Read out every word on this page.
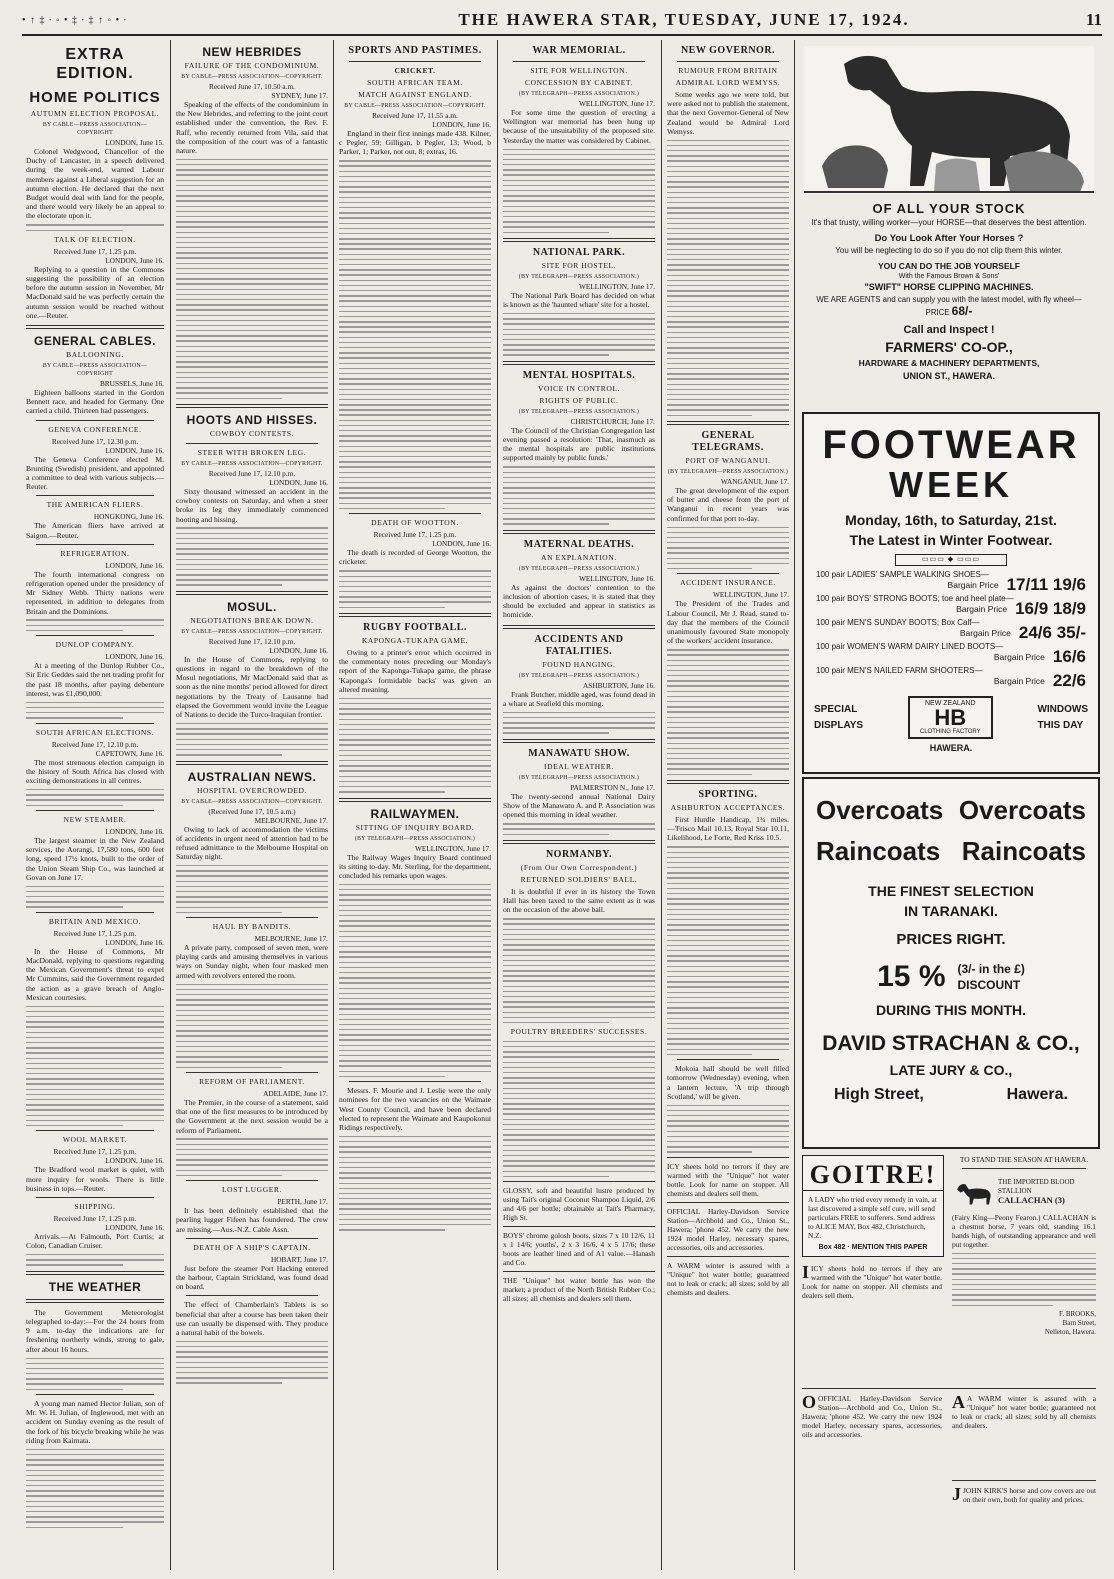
• ↑ ‡ ∙ ◦ • ‡ ∙ ‡ ↑ ◦ • ∙	THE HAWERA STAR, TUESDAY, JUNE 17, 1924.	11
EXTRA EDITION.
HOME POLITICS
AUTUMN ELECTION PROPOSAL.
BY CABLE—PRESS ASSOCIATION—COPYRIGHT
LONDON, June 15.

Colonel Wedgwood, Chancellor of the Duchy of Lancaster, in a speech delivered during the week-end, warned Labour members against a Liberal suggestion for an autumn election. He declared that the next Budget would deal with land for the people, and there would very likely be an appeal to the electorate upon it.

TALK OF ELECTION.
Received June 17, 1.25 p.m.
LONDON, June 16.

Replying to a question in the Commons suggesting the possibility of an election before the autumn session in November, Mr MacDonald said he was perfectly certain the autumn session would be reached without one.—Reuter.

GENERAL CABLES.
BALLOONING.
BY CABLE—PRESS ASSOCIATION—COPYRIGHT
BRUSSELS, June 16.

Eighteen balloons started in the Gordon Bennett race, and headed for Germany. One carried a child. Thirteen had passengers.

GENEVA CONFERENCE.
Received June 17, 12.30 p.m.
LONDON, June 16.

The Geneva Conference elected M. Brunting (Swedish) president, and appointed a committee to deal with various subjects.—Reuter.

THE AMERICAN FLIERS.
HONGKONG, June 16.

The American fliers have arrived at Saigon.—Reuter.

REFRIGERATION.
LONDON, June 16.

The fourth international congress on refrigeration opened under the presidency of Mr Sidney Webb. Thirty nations were represented, in addition to delegates from Britain and the Dominions.

DUNLOP COMPANY.
LONDON, June 16.

At a meeting of the Dunlop Rubber Co., Sir Eric Geddes said the net trading profit for the past 18 months, after paying debenture interest, was £1,090,000.

SOUTH AFRICAN ELECTIONS.
Received June 17, 12.10 p.m.
CAPETOWN, June 16.

The most strenuous election campaign in the history of South Africa has closed with exciting demonstrations in all centres.

NEW STEAMER.
LONDON, June 16.

The largest steamer in the New Zealand services, the Aorangi, 17,580 tons, 600 feet long, speed 17½ knots, built to the order of the Union Steam Ship Co., was launched at Govan on June 17.

BRITAIN AND MEXICO.
Received June 17, 1.25 p.m.
LONDON, June 16.

In the House of Commons, Mr MacDonald, replying to questions regarding the Mexican Government's threat to expel Mr Cummins, said the Government regarded the action as a grave breach of Anglo-Mexican courtesies.

WOOL MARKET.
Received June 17, 1.25 p.m.
LONDON, June 16.

The Bradford wool market is quiet, with more inquiry for wools. There is little business in tops.—Reuter.

SHIPPING.
Received June 17, 1.25 p.m.
LONDON, June 16.

Arrivals.—At Falmouth, Port Curtis; at Colon, Canadian Cruiser.

THE WEATHER

The Government Meteorologist telegraphed to-day:—For the 24 hours from 9 a.m. to-day the indications are for freshening northerly winds, strong to gale, after about 16 hours.

A young man named Hector Julian, son of Mr. W. H. Julian, of Inglewood, met with an accident on Sunday evening as the result of the fork of his bicycle breaking while he was riding from Kaimata.

NEW HEBRIDES
FAILURE OF THE CONDOMINIUM.
BY CABLE—PRESS ASSOCIATION—COPYRIGHT.
Received June 17, 10.50 a.m.
SYDNEY, June 17.

Speaking of the effects of the condominium in the New Hebrides, and referring to the joint court established under the convention, the Rev. F. Raff, who recently returned from Vila, said that the composition of the court was of a fantastic nature.

HOOTS AND HISSES.
COWBOY CONTESTS.
STEER WITH BROKEN LEG.
BY CABLE—PRESS ASSOCIATION—COPYRIGHT.
Received June 17, 12.10 p.m.
LONDON, June 16.

Sixty thousand witnessed an accident in the cowboy contests on Saturday, and when a steer broke its leg they immediately commenced hooting and hissing.

MOSUL.
NEGOTIATIONS BREAK DOWN.
BY CABLE—PRESS ASSOCIATION—COPYRIGHT.
Received June 17, 12.10 p.m.
LONDON, June 16.

In the House of Commons, replying to questions in regard to the breakdown of the Mosul negotiations, Mr MacDonald said that as soon as the nine months' period allowed for direct negotiations by the Treaty of Lausanne had elapsed the Government would invite the League of Nations to decide the Turco-Iraquian frontier.

AUSTRALIAN NEWS.
HOSPITAL OVERCROWDED.
BY CABLE—PRESS ASSOCIATION—COPYRIGHT.
(Received June 17, 10.5 a.m.)
MELBOURNE, June 17.

Owing to lack of accommodation the victims of accidents in urgent need of attention had to be refused admittance to the Melbourne Hospital on Saturday night.

HAUL BY BANDITS.
MELBOURNE, June 17.

A private party, composed of seven men, were playing cards and amusing themselves in various ways on Sunday night, when four masked men armed with revolvers entered the room.

REFORM OF PARLIAMENT.
ADELAIDE, June 17.

The Premier, in the course of a statement, said that one of the first measures to be introduced by the Government at the next session would be a reform of Parliament.

LOST LUGGER.
PERTH, June 17.

It has been definitely established that the pearling lugger Fifeen has foundered. The crew are missing.—Aus.-N.Z. Cable Assn.

DEATH OF A SHIP'S CAPTAIN.
HOBART, June 17.

Just before the steamer Port Hacking entered the harbour, Captain Strickland, was found dead on board.

The effect of Chamberlain's Tablets is so beneficial that after a course has been taken their use can usually be dispensed with. They produce a natural habit of the bowels.

SPORTS AND PASTIMES.
CRICKET.
SOUTH AFRICAN TEAM.
MATCH AGAINST ENGLAND.
BY CABLE—PRESS ASSOCIATION—COPYRIGHT.
Received June 17, 11.55 a.m.
LONDON, June 16.

England in their first innings made 438. Kilner, c Pegler, 59; Gilligan, b Pegler, 13; Wood, b Parker, 1; Parker, not out, 8; extras, 16.

DEATH OF WOOTTON.
Received June 17, 1.25 p.m.
LONDON, June 16.

The death is recorded of George Wootton, the cricketer.

RUGBY FOOTBALL.
KAPONGA-TUKAPA GAME.

Owing to a printer's error which occurred in the commentary notes preceding our Monday's report of the Kaponga-Tukapa game, the phrase 'Kaponga's formidable backs' was given an altered meaning.

RAILWAYMEN.
SITTING OF INQUIRY BOARD.
(BY TELEGRAPH—PRESS ASSOCIATION.)
WELLINGTON, June 17.

The Railway Wages Inquiry Board continued its sitting to-day. Mr. Sterling, for the department, concluded his remarks upon wages.

Messrs. F. Mourie and J. Leslie were the only nominees for the two vacancies on the Waimate West County Council, and have been declared elected to represent the Waimate and Kaupokonui Ridings respectively.

WAR MEMORIAL.
SITE FOR WELLINGTON.
CONCESSION BY CABINET.
(BY TELEGRAPH—PRESS ASSOCIATION.)
WELLINGTON, June 17.

For some time the question of erecting a Wellington war memorial has been hung up because of the unsuitability of the proposed site. Yesterday the matter was considered by Cabinet.

NATIONAL PARK.
SITE FOR HOSTEL.
(BY TELEGRAPH—PRESS ASSOCIATION.)
WELLINGTON, June 17.

The National Park Board has decided on what is known as the 'haunted whare' site for a hostel.

MENTAL HOSPITALS.
VOICE IN CONTROL.
RIGHTS OF PUBLIC.
(BY TELEGRAPH—PRESS ASSOCIATION.)
CHRISTCHURCH, June 17.

The Council of the Christian Congregation last evening passed a resolution: 'That, inasmuch as the mental hospitals are public institutions supported mainly by public funds.'

MATERNAL DEATHS.
AN EXPLANATION.
(BY TELEGRAPH—PRESS ASSOCIATION.)
WELLINGTON, June 16.

As against the doctors' contention to the inclusion of abortion cases, it is stated that they should be excluded and appear in statistics as homicide.

ACCIDENTS AND FATALITIES.
FOUND HANGING.
(BY TELEGRAPH—PRESS ASSOCIATION.)
ASHBURTON, June 16.

Frank Butcher, middle aged, was found dead in a whare at Seafield this morning.

MANAWATU SHOW.
IDEAL WEATHER.
(BY TELEGRAPH—PRESS ASSOCIATION.)
PALMERSTON N., June 17.

The twenty-second annual National Dairy Show of the Manawatu A. and P. Association was opened this morning in ideal weather.

NORMANBY.
(From Our Own Correspondent.)
RETURNED SOLDIERS' BALL.

It is doubtful if ever in its history the Town Hall has been taxed to the same extent as it was on the occasion of the above ball.

POULTRY BREEDERS' SUCCESSES.
GLOSSY, soft and beautiful lustre produced by using Tait's original Coconut Shampoo Liquid, 2/6 and 4/6 per bottle; obtainable at Tait's Pharmacy, High St.
BOYS' chrome golosh boots, sizes 7 x 10 12/6, 11 x 1 14/6; youths', 2 x 3 16/6, 4 x 5 17/6; these boots are leather lined and of A1 value.—Hanash and Co.
THE "Unique" hot water bottle has won the market; a product of the North British Rubber Co.; all sizes; all chemists and dealers sell them.
NEW GOVERNOR.
RUMOUR FROM BRITAIN
ADMIRAL LORD WEMYSS.

Some weeks ago we were told, but were asked not to publish the statement, that the next Governor-General of New Zealand would be Admiral Lord Wemyss.

GENERAL TELEGRAMS.
PORT OF WANGANUI.
(BY TELEGRAPH—PRESS ASSOCIATION.)
WANGANUI, June 17.

The great development of the export of butter and cheese from the port of Wanganui in recent years was confirmed for that port to-day.

ACCIDENT INSURANCE.
WELLINGTON, June 17.

The President of the Trades and Labour Council, Mr J. Read, stated to-day that the members of the Council unanimously favoured State monopoly of the workers' accident insurance.

SPORTING.
ASHBURTON ACCEPTANCES.

First Hurdle Handicap, 1¾ miles.—'Frisco Mail 10.13, Royal Star 10.11, Likelihood, Le Forte, Red Kriss 10.5.

Mokoia hall should be well filled tomorrow (Wednesday) evening, when a lantern lecture, 'A trip through Scotland,' will be given.

ICY sheets hold no terrors if they are warmed with the "Unique" hot water bottle. Look for name on stopper. All chemists and dealers sell them.
OFFICIAL Harley-Davidson Service Station—Archbold and Co., Union St., Hawera; 'phone 452. We carry the new 1924 model Harley, necessary spares, accessories, oils and accessories.
A WARM winter is assured with a "Unique" hot water bottle; guaranteed not to leak or crack; all sizes; sold by all chemists and dealers.
OF ALL YOUR STOCK
It's that trusty, willing worker—your HORSE—that deserves the best attention.
Do You Look After Your Horses ?
You will be neglecting to do so if you do not clip them this winter.
YOU CAN DO THE JOB YOURSELF
With the Famous Brown & Sons'
"SWIFT" HORSE CLIPPING MACHINES.
WE ARE AGENTS and can supply you with the latest model, with fly wheel—PRICE 68/-
Call and Inspect !
FARMERS' CO-OP.,
HARDWARE & MACHINERY DEPARTMENTS,
UNION ST., HAWERA.
FOOTWEAR
WEEK
Monday, 16th, to Saturday, 21st.
The Latest in Winter Footwear.
▭▭▭ ◆ ▭▭▭
100 pair LADIES' SAMPLE WALKING SHOES—
Bargain Price 17/11 19/6
100 pair BOYS' STRONG BOOTS; toe and heel plate—
Bargain Price 16/9 18/9
100 pair MEN'S SUNDAY BOOTS; Box Calf—
Bargain Price 24/6 35/-
100 pair WOMEN'S WARM DAIRY LINED BOOTS—
Bargain Price 16/6
100 pair MEN'S NAILED FARM SHOOTERS—
Bargain Price 22/6
SPECIAL
DISPLAYS
NEW ZEALAND
HB
CLOTHING FACTORY
WINDOWS
THIS DAY
HAWERA.
Overcoats Overcoats
Raincoats Raincoats
THE FINEST SELECTION
IN TARANAKI.
PRICES RIGHT.
15 % (3/- in the £)
DISCOUNT
DURING THIS MONTH.
DAVID STRACHAN & CO.,
LATE JURY & CO.,
High Street,	Hawera.
GOITRE!
A LADY who tried every remedy in vain, at last discovered a simple self cure, will send particulars FREE to sufferers. Send address to ALICE MAY, Box 482, Christchurch, N.Z.
Box 482 · MENTION THIS PAPER
TO STAND THE SEASON AT HAWERA.
THE IMPORTED BLOOD STALLION
CALLACHAN (3)
(Fairy King—Peony Fearon.) CALLACHAN is a chestnut horse, 7 years old, standing 16.1 hands high, of outstanding appearance and well put together.
F. BROOKS,
Barn Street,
Nelleton, Hawera.
IICY sheets hold no terrors if they are warmed with the "Unique" hot water bottle. Look for name on stopper. All chemists and dealers sell them.
OOFFICIAL Harley-Davidson Service Station—Archbold and Co., Union St., Hawera; 'phone 452. We carry the new 1924 model Harley, necessary spares, accessories, oils and accessories.
A A WARM winter is assured with a "Unique" hot water bottle; guaranteed not to leak or crack; all sizes; sold by all chemists and dealers.
JJOHN KIRK'S horse and cow covers are out on their own, both for quality and prices.
